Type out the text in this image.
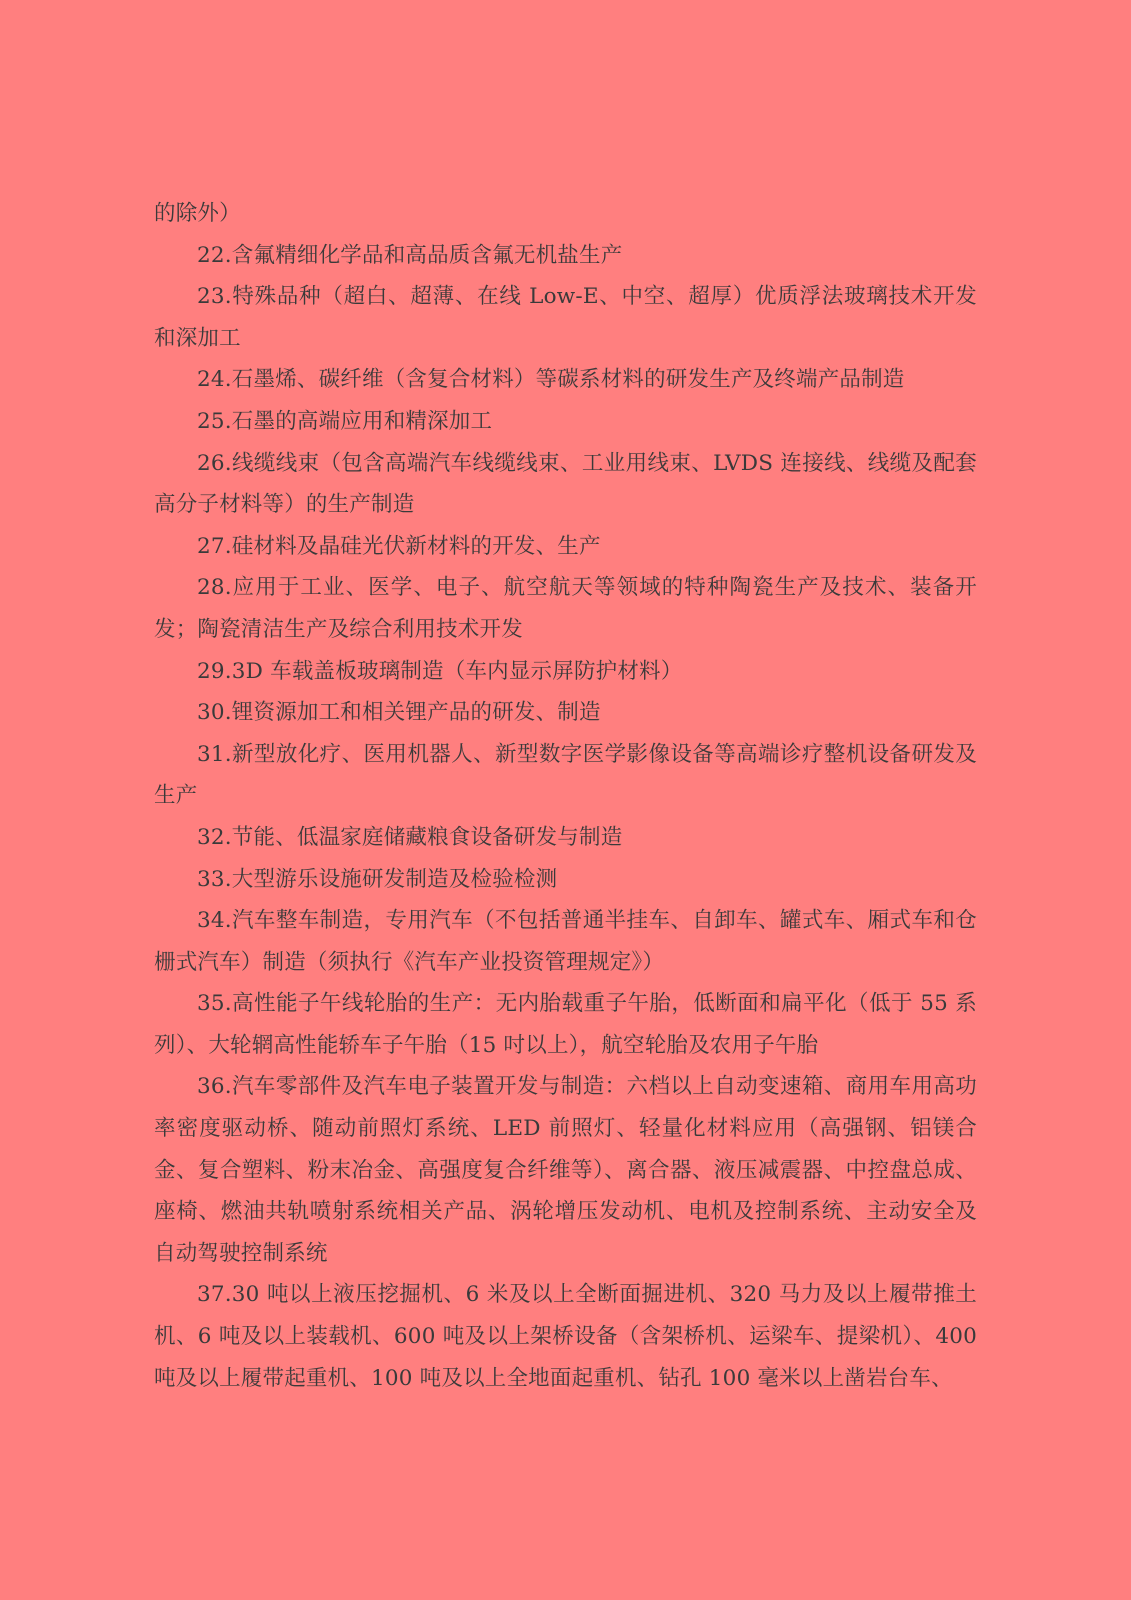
的除外）

22.含氟精细化学品和高品质含氟无机盐生产

23.特殊品种（超白、超薄、在线 Low-E、中空、超厚）优质浮法玻璃技术开发和深加工

24.石墨烯、碳纤维（含复合材料）等碳系材料的研发生产及终端产品制造

25.石墨的高端应用和精深加工

26.线缆线束（包含高端汽车线缆线束、工业用线束、LVDS 连接线、线缆及配套高分子材料等）的生产制造

27.硅材料及晶硅光伏新材料的开发、生产

28.应用于工业、医学、电子、航空航天等领域的特种陶瓷生产及技术、装备开发；陶瓷清洁生产及综合利用技术开发

29.3D 车载盖板玻璃制造（车内显示屏防护材料）

30.锂资源加工和相关锂产品的研发、制造

31.新型放化疗、医用机器人、新型数字医学影像设备等高端诊疗整机设备研发及生产

32.节能、低温家庭储藏粮食设备研发与制造

33.大型游乐设施研发制造及检验检测

34.汽车整车制造，专用汽车（不包括普通半挂车、自卸车、罐式车、厢式车和仓栅式汽车）制造（须执行《汽车产业投资管理规定》）

35.高性能子午线轮胎的生产：无内胎载重子午胎，低断面和扁平化（低于 55 系列）、大轮辋高性能轿车子午胎（15 吋以上），航空轮胎及农用子午胎

36.汽车零部件及汽车电子装置开发与制造：六档以上自动变速箱、商用车用高功率密度驱动桥、随动前照灯系统、LED 前照灯、轻量化材料应用（高强钢、铝镁合金、复合塑料、粉末冶金、高强度复合纤维等）、离合器、液压减震器、中控盘总成、座椅、燃油共轨喷射系统相关产品、涡轮增压发动机、电机及控制系统、主动安全及自动驾驶控制系统

37.30 吨以上液压挖掘机、6 米及以上全断面掘进机、320 马力及以上履带推土机、6 吨及以上装载机、600 吨及以上架桥设备（含架桥机、运梁车、提梁机）、400 吨及以上履带起重机、100 吨及以上全地面起重机、钻孔 100 毫米以上凿岩台车、
